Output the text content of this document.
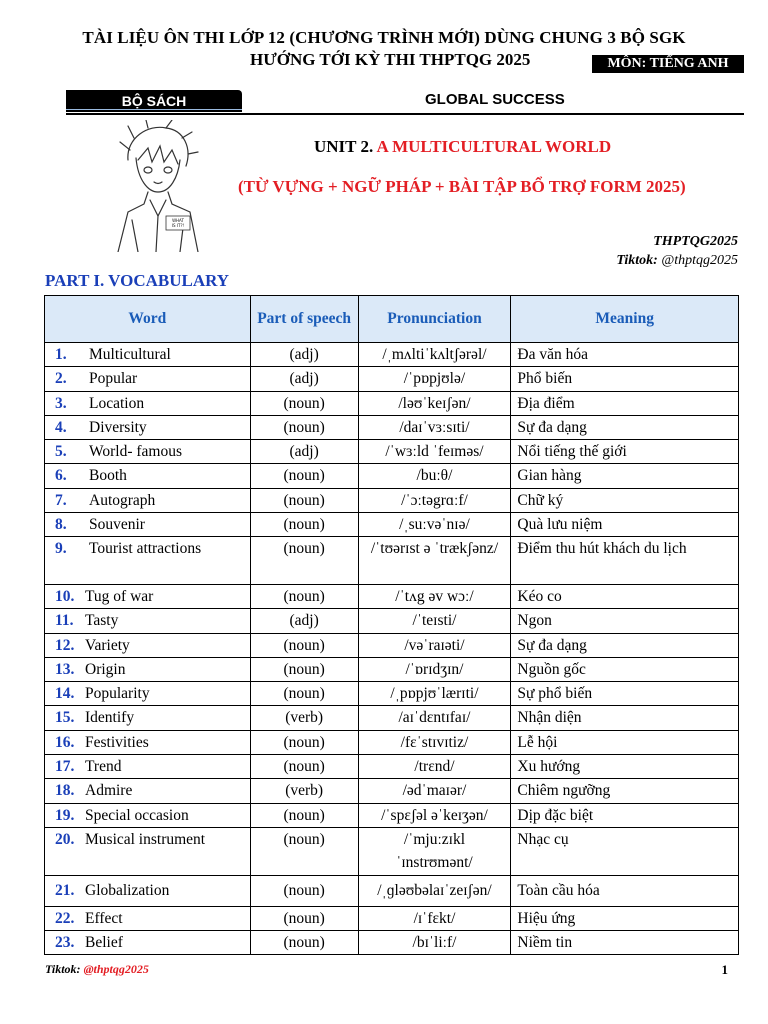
TÀI LIỆU ÔN THI LỚP 12 (CHƯƠNG TRÌNH MỚI) DÙNG CHUNG 3 BỘ SGK
HƯỚNG TỚI KỲ THI THPTQG 2025	MÔN: TIẾNG ANH
BỘ SÁCH	GLOBAL SUCCESS
WHAT
IS IT?!
UNIT 2. A MULTICULTURAL WORLD
(TỪ VỰNG + NGỮ PHÁP + BÀI TẬP BỔ TRỢ FORM 2025)
THPTQG2025
Tiktok: @thptqg2025
PART I. VOCABULARY
Word	Part of speech	Pronunciation	Meaning
1. Multicultural	(adj)	/ˌmʌltiˈkʌltʃərəl/	Đa văn hóa
2. Popular	(adj)	/ˈpɒpjʊlə/	Phổ biến
3. Location	(noun)	/ləʊˈkeɪʃən/	Địa điểm
4. Diversity	(noun)	/daɪˈvɜːsɪti/	Sự đa dạng
5. World- famous	(adj)	/ˈwɜːld ˈfeɪməs/	Nổi tiếng thế giới
6. Booth	(noun)	/buːθ/	Gian hàng
7. Autograph	(noun)	/ˈɔːtəgrɑːf/	Chữ ký
8. Souvenir	(noun)	/ˌsuːvəˈnɪə/	Quà lưu niệm
9. Tourist attractions	(noun)	/ˈtʊərɪst ə ˈtrækʃənz/	Điểm thu hút khách du lịch
10. Tug of war	(noun)	/ˈtʌg əv wɔː/	Kéo co
11. Tasty	(adj)	/ˈteɪsti/	Ngon
12. Variety	(noun)	/vəˈraɪəti/	Sự đa dạng
13. Origin	(noun)	/ˈɒrɪdʒɪn/	Nguồn gốc
14. Popularity	(noun)	/ˌpɒpjʊˈlærɪti/	Sự phổ biến
15. Identify	(verb)	/aɪˈdɛntɪfaɪ/	Nhận diện
16. Festivities	(noun)	/fɛˈstɪvɪtiz/	Lễ hội
17. Trend	(noun)	/trɛnd/	Xu hướng
18. Admire	(verb)	/ədˈmaɪər/	Chiêm ngưỡng
19. Special occasion	(noun)	/ˈspɛʃəl əˈkeɪʒən/	Dịp đặc biệt
20. Musical instrument	(noun)	/ˈmjuːzɪkl ˈɪnstrʊmənt/	Nhạc cụ
21. Globalization	(noun)	/ˌɡləʊbəlaɪˈzeɪʃən/	Toàn cầu hóa
22. Effect	(noun)	/ɪˈfɛkt/	Hiệu ứng
23. Belief	(noun)	/bɪˈliːf/	Niềm tin
Tiktok: @thptqg2025	1
